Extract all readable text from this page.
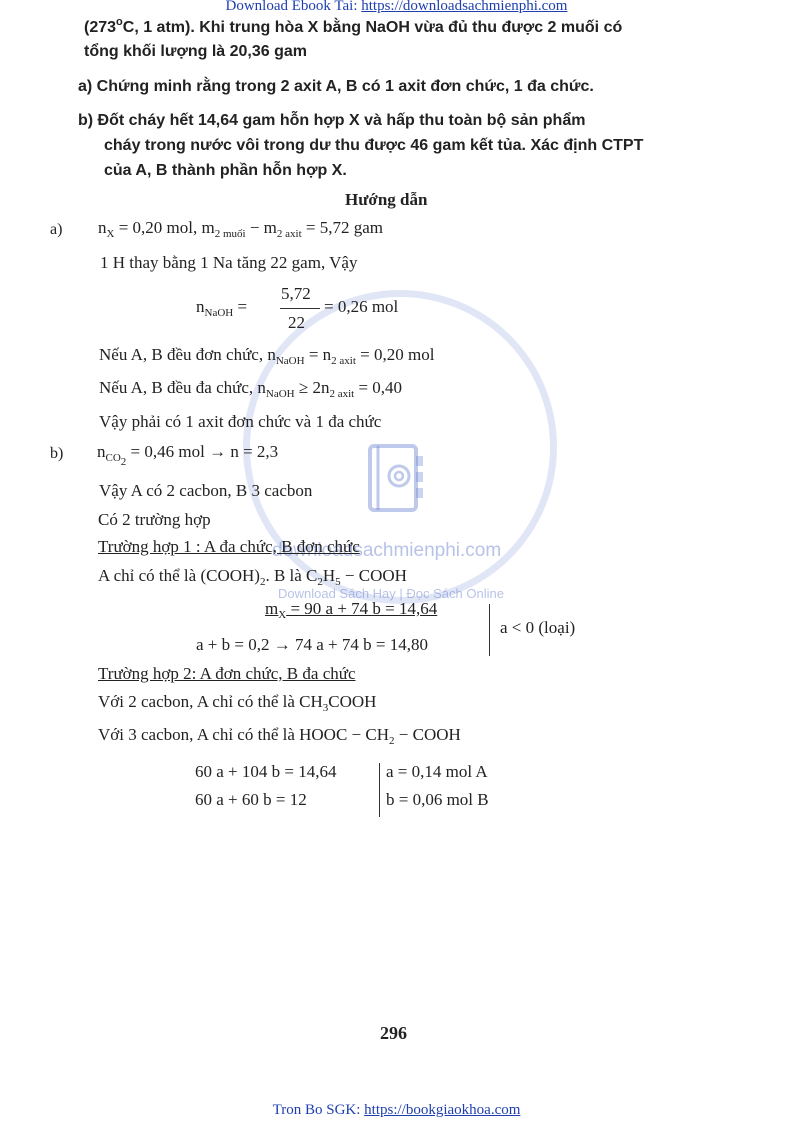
Download Ebook Tai: https://downloadsachmienphi.com
downloadsachmienphi.com
Download Sách Hay | Đọc Sách Online
(273$^o$C, 1 atm). Khi trung hòa X bằng NaOH vừa đủ thu được 2 muối có
tổng khối lượng là 20,36 gam
a) Chứng minh rằng trong 2 axit A, B có 1 axit đơn chức, 1 đa chức.
b) Đốt cháy hết 14,64 gam hỗn hợp X và hấp thu toàn bộ sản phẩm
cháy trong nước vôi trong dư thu được 46 gam kết tủa. Xác định CTPT
của A, B thành phần hỗn hợp X.
Hướng dẫn
a) $n_X = 0,20$ mol, $m_{2 muối} - m_{2 axit} = 5,72$ gam
1 H thay bằng 1 Na tăng 22 gam, Vậy
$n_{NaOH}$ =
5,72
22
= 0,26 mol
Nếu A, B đều đơn chức, $n_{NaOH} = n_{2 axit} = 0,20$ mol
Nếu A, B đều đa chức, $n_{NaOH} \ge 2n_{2 axit} = 0,40$
Vậy phải có 1 axit đơn chức và 1 đa chức
b) $n_{CO_2} = 0,46$ mol → n = 2,3
Vậy A có 2 cacbon, B 3 cacbon
Có 2 trường hợp
Trường hợp 1 : A đa chức, B đơn chức
A chỉ có thể là $(COOH)_2$. B là $C_2H_5$ − COOH
$m_X = 90$ a + 74 b = 14,64
a + b = 0,2 → 74 a + 74 b = 14,80
a < 0 (loại)
Trường hợp 2: A đơn chức, B đa chức
Với 2 cacbon, A chỉ có thể là $CH_3COOH$
Với 3 cacbon, A chỉ có thể là HOOC − $CH_2$ − COOH
60 a + 104 b = 14,64
60 a + 60 b = 12
a = 0,14 mol A
b = 0,06 mol B
296
Tron Bo SGK: https://bookgiaokhoa.com
